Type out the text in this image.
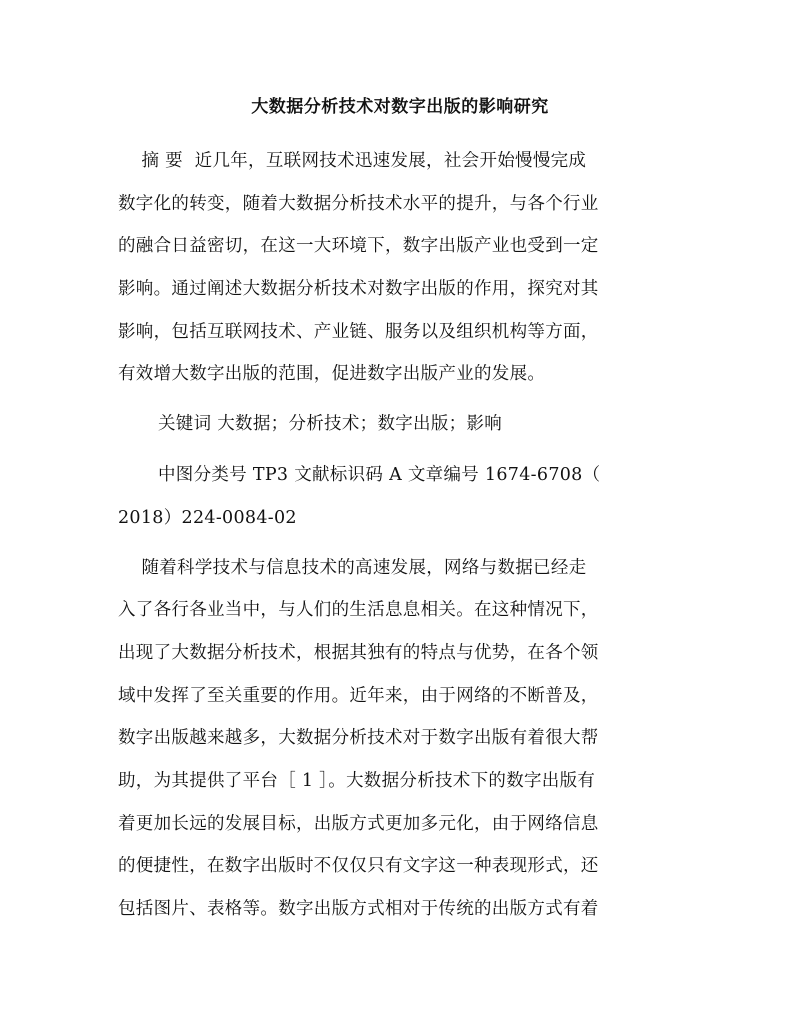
大数据分析技术对数字出版的影响研究
摘 要  近几年，互联网技术迅速发展，社会开始慢慢完成
数字化的转变，随着大数据分析技术水平的提升，与各个行业
的融合日益密切，在这一大环境下，数字出版产业也受到一定
影响。通过阐述大数据分析技术对数字出版的作用，探究对其
影响，包括互联网技术、产业链、服务以及组织机构等方面，
有效增大数字出版的范围，促进数字出版产业的发展。
关键词 大数据；分析技术；数字出版；影响
中图分类号 TP3 文献标识码 A 文章编号 1674-6708（
2018）224-0084-02
随着科学技术与信息技术的高速发展，网络与数据已经走
入了各行各业当中，与人们的生活息息相关。在这种情况下，
出现了大数据分析技术，根据其独有的特点与优势，在各个领
域中发挥了至关重要的作用。近年来，由于网络的不断普及，
数字出版越来越多，大数据分析技术对于数字出版有着很大帮
助，为其提供了平台［ 1 ］。大数据分析技术下的数字出版有
着更加长远的发展目标，出版方式更加多元化，由于网络信息
的便捷性，在数字出版时不仅仅只有文字这一种表现形式，还
包括图片、表格等。数字出版方式相对于传统的出版方式有着
